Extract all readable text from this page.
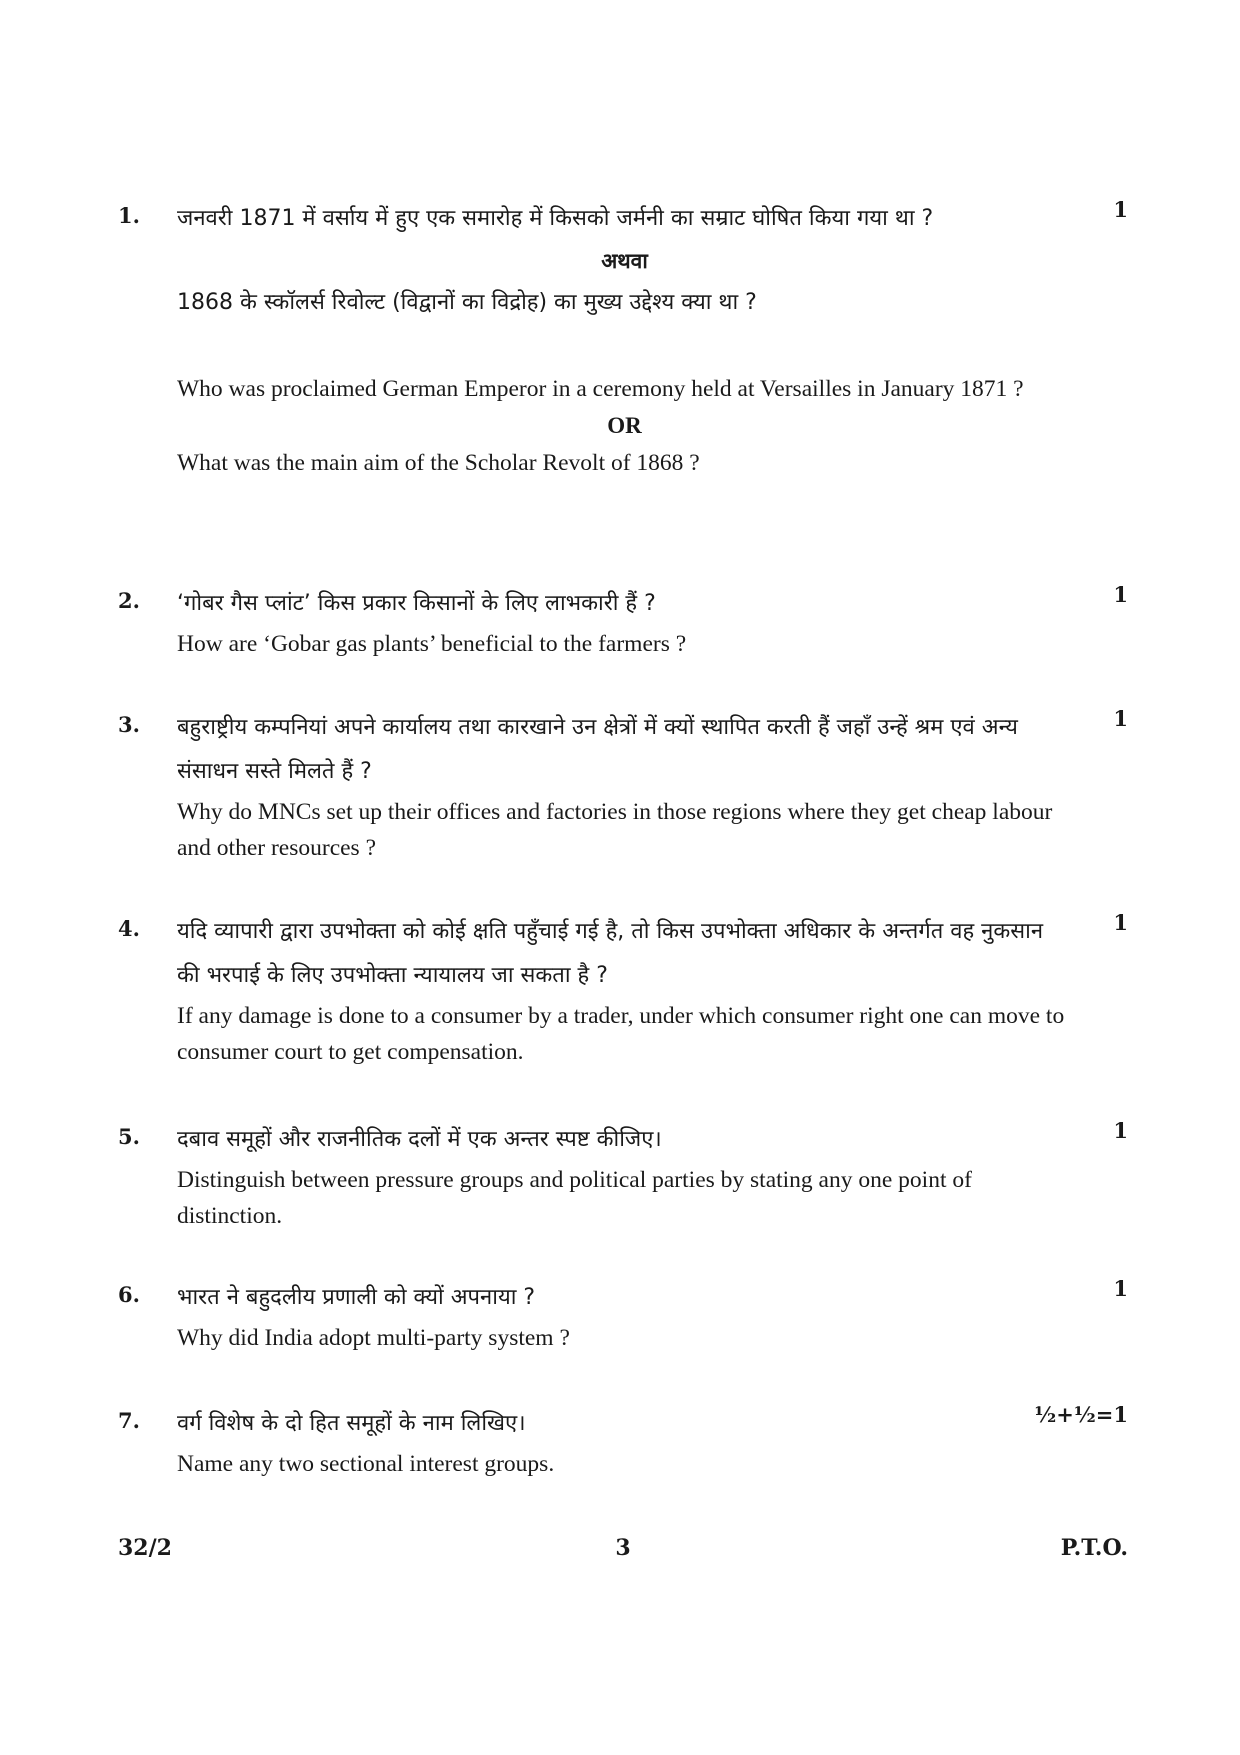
1.	1

जनवरी 1871 में वर्साय में हुए एक समारोह में किसको जर्मनी का सम्राट घोषित किया गया था ?

अथवा

1868 के स्कॉलर्स रिवोल्ट (विद्वानों का विद्रोह) का मुख्य उद्देश्य क्या था ?

Who was proclaimed German Emperor in a ceremony held at Versailles in January 1871 ?

OR

What was the main aim of the Scholar Revolt of 1868 ?

2.	1

‘गोबर गैस प्लांट’ किस प्रकार किसानों के लिए लाभकारी हैं ?

How are ‘Gobar gas plants’ beneficial to the farmers ?

3.	1

बहुराष्ट्रीय कम्पनियां अपने कार्यालय तथा कारखाने उन क्षेत्रों में क्यों स्थापित करती हैं जहाँ उन्हें श्रम एवं अन्य संसाधन सस्ते मिलते हैं ?

Why do MNCs set up their offices and factories in those regions where they get cheap labour and other resources ?

4.	1

यदि व्यापारी द्वारा उपभोक्ता को कोई क्षति पहुँचाई गई है, तो किस उपभोक्ता अधिकार के अन्तर्गत वह नुकसान की भरपाई के लिए उपभोक्ता न्यायालय जा सकता है ?

If any damage is done to a consumer by a trader, under which consumer right one can move to consumer court to get compensation.

5.	1

दबाव समूहों और राजनीतिक दलों में एक अन्तर स्पष्ट कीजिए।

Distinguish between pressure groups and political parties by stating any one point of distinction.

6.	1

भारत ने बहुदलीय प्रणाली को क्यों अपनाया ?

Why did India adopt multi-party system ?

7.	½+½=1

वर्ग विशेष के दो हित समूहों के नाम लिखिए।

Name any two sectional interest groups.

32/2	3	P.T.O.
